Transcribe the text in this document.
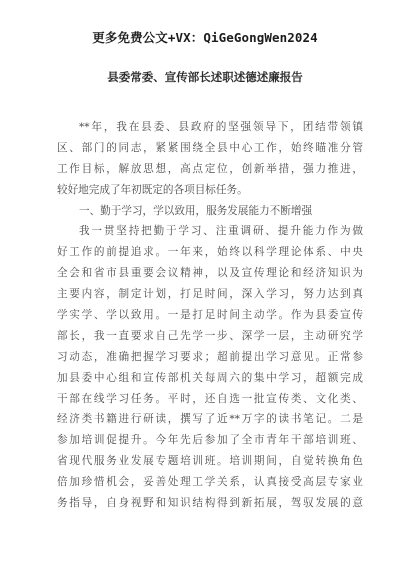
更多免费公文+VX：QiGeGongWen2024
县委常委、宣传部长述职述德述廉报告
**年，我在县委、县政府的坚强领导下，团结带领镇
区、部门的同志，紧紧围绕全县中心工作，始终瞄准分管
工作目标，解放思想，高点定位，创新举措，强力推进，
较好地完成了年初既定的各项目标任务。
一、勤于学习，学以致用，服务发展能力不断增强
我一贯坚持把勤于学习、注重调研、提升能力作为做
好工作的前提追求。一年来，始终以科学理论体系、中央
全会和省市县重要会议精神，以及宣传理论和经济知识为
主要内容，制定计划，打足时间，深入学习，努力达到真
学实学、学以致用。一是打足时间主动学。作为县委宣传
部长，我一直要求自己先学一步、深学一层，主动研究学
习动态，准确把握学习要求；超前提出学习意见。正常参
加县委中心组和宣传部机关每周六的集中学习，超额完成
干部在线学习任务。平时，还自选一批宣传类、文化类、
经济类书籍进行研读，撰写了近**万字的读书笔记。二是
参加培训促提升。今年先后参加了全市青年干部培训班、
省现代服务业发展专题培训班。培训期间，自觉转换角色
倍加珍惜机会，妥善处理工学关系，认真接受高层专家业
务指导，自身视野和知识结构得到新拓展，驾驭发展的意
